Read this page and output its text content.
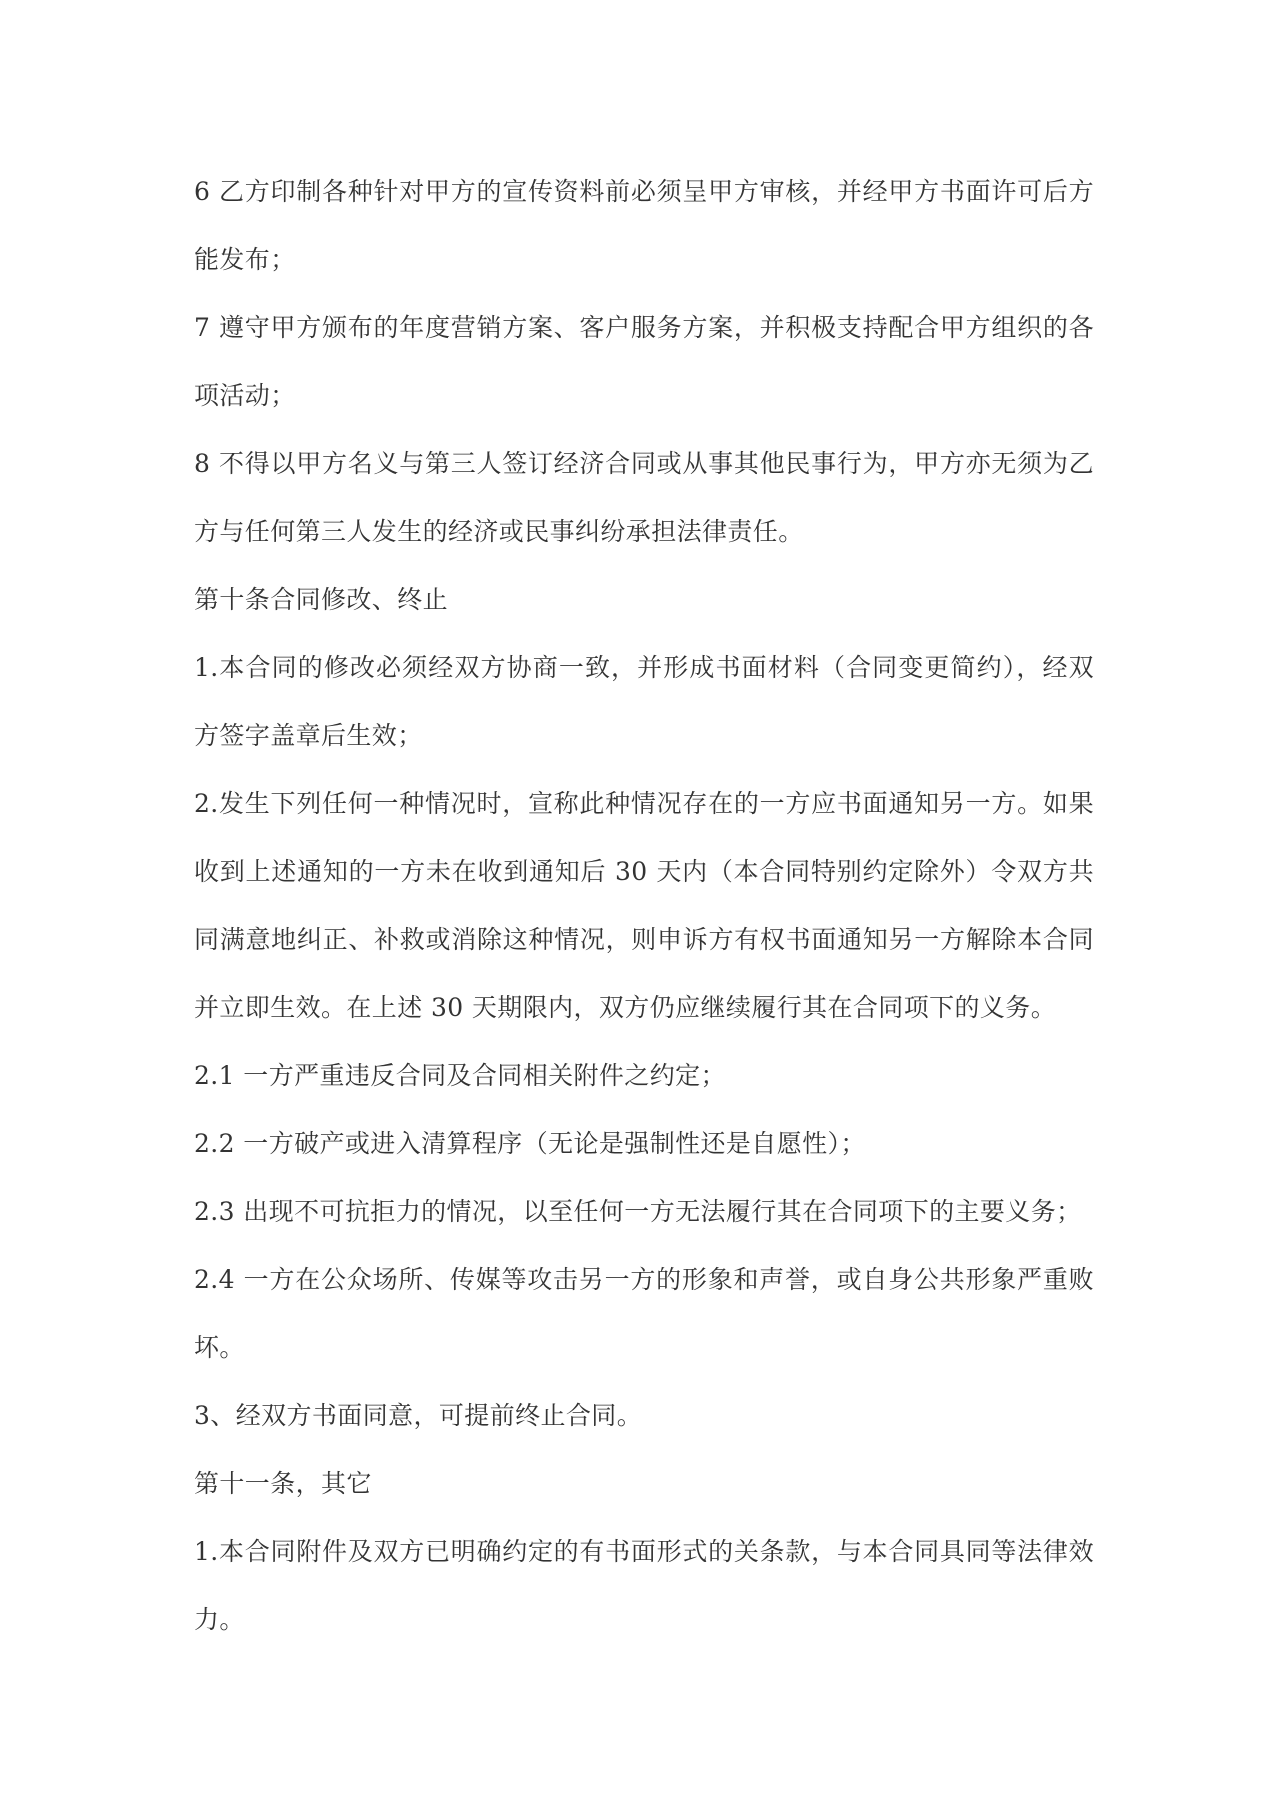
6 乙方印制各种针对甲方的宣传资料前必须呈甲方审核，并经甲方书面许可后方能发布；

7 遵守甲方颁布的年度营销方案、客户服务方案，并积极支持配合甲方组织的各项活动；

8 不得以甲方名义与第三人签订经济合同或从事其他民事行为，甲方亦无须为乙方与任何第三人发生的经济或民事纠纷承担法律责任。

第十条合同修改、终止

1.本合同的修改必须经双方协商一致，并形成书面材料（合同变更简约），经双方签字盖章后生效；

2.发生下列任何一种情况时，宣称此种情况存在的一方应书面通知另一方。如果收到上述通知的一方未在收到通知后 30 天内（本合同特别约定除外）令双方共同满意地纠正、补救或消除这种情况，则申诉方有权书面通知另一方解除本合同并立即生效。在上述 30 天期限内，双方仍应继续履行其在合同项下的义务。

2.1 一方严重违反合同及合同相关附件之约定；

2.2 一方破产或进入清算程序（无论是强制性还是自愿性）；

2.3 出现不可抗拒力的情况，以至任何一方无法履行其在合同项下的主要义务；

2.4 一方在公众场所、传媒等攻击另一方的形象和声誉，或自身公共形象严重败坏。

3、经双方书面同意，可提前终止合同。

第十一条，其它

1.本合同附件及双方已明确约定的有书面形式的关条款，与本合同具同等法律效力。
